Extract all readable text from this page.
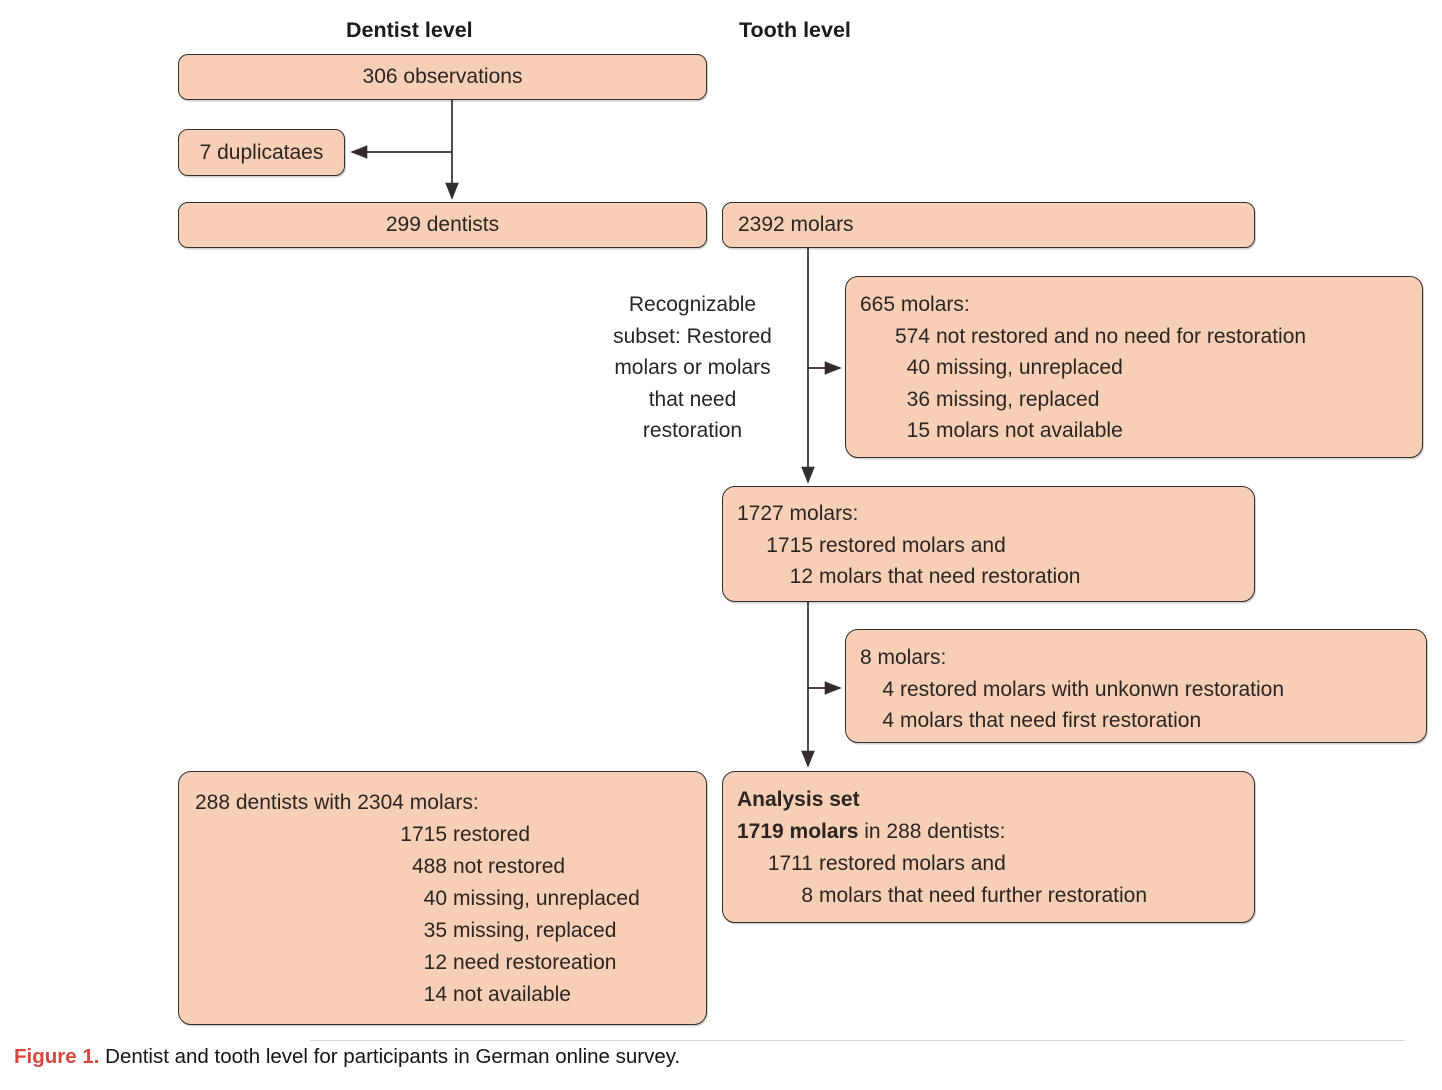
Dentist level	Tooth level
306 observations
7 duplicataes
299 dentists	2392 molars
Recognizable
subset: Restored
molars or molars
that need
restoration
665 molars:
574 not restored and no need for restoration
40 missing, unreplaced
36 missing, replaced
15 molars not available
1727 molars:
1715 restored molars and
12 molars that need restoration
8 molars:
4 restored molars with unkonwn restoration
4 molars that need first restoration
288 dentists with 2304 molars:
1715 restored
488 not restored
40 missing, unreplaced
35 missing, replaced
12 need restoreation
14 not available
Analysis set
1719 molars in 288 dentists:
1711 restored molars and
8 molars that need further restoration
Figure 1. Dentist and tooth level for participants in German online survey.
